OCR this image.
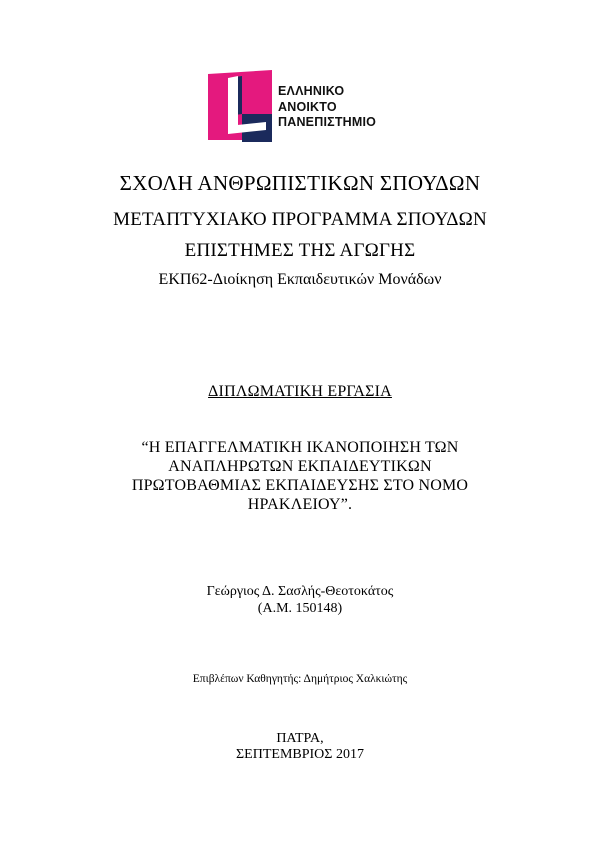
ΕΛΛΗΝΙΚΟ
ΑΝΟΙΚΤΟ
ΠΑΝΕΠΙΣΤΗΜΙΟ
ΣΧΟΛΗ ΑΝΘΡΩΠΙΣΤΙΚΩΝ ΣΠΟΥΔΩΝ
ΜΕΤΑΠΤΥΧΙΑΚΟ ΠΡΟΓΡΑΜΜΑ ΣΠΟΥΔΩΝ
ΕΠΙΣΤΗΜΕΣ ΤΗΣ ΑΓΩΓΗΣ
ΕΚΠ62-Διοίκηση Εκπαιδευτικών Μονάδων
ΔΙΠΛΩΜΑΤΙΚΗ ΕΡΓΑΣΙΑ
“Η ΕΠΑΓΓΕΛΜΑΤΙΚΗ ΙΚΑΝΟΠΟΙΗΣΗ ΤΩΝ
ΑΝΑΠΛΗΡΩΤΩΝ ΕΚΠΑΙΔΕΥΤΙΚΩΝ
ΠΡΩΤΟΒΑΘΜΙΑΣ ΕΚΠΑΙΔΕΥΣΗΣ ΣΤΟ ΝΟΜΟ
ΗΡΑΚΛΕΙΟΥ”.
Γεώργιος Δ. Σασλής-Θεοτοκάτος
(Α.Μ. 150148)
Επιβλέπων Καθηγητής: Δημήτριος Χαλκιώτης
ΠΑΤΡΑ,
ΣΕΠΤΕΜΒΡΙΟΣ 2017
